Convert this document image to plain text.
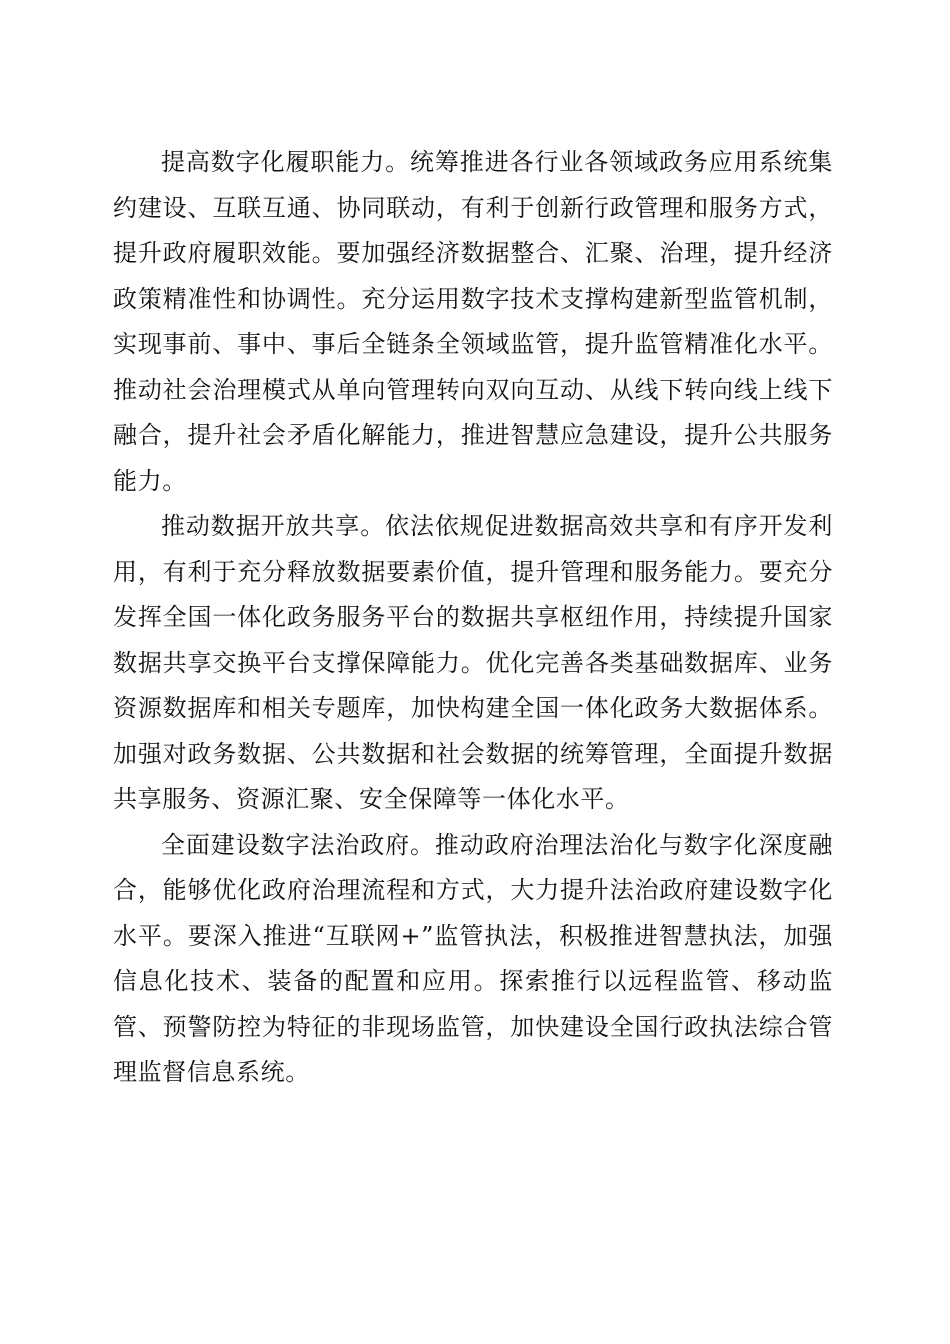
提高数字化履职能力。统筹推进各行业各领域政务应用系统集约建设、互联互通、协同联动，有利于创新行政管理和服务方式，提升政府履职效能。要加强经济数据整合、汇聚、治理，提升经济政策精准性和协调性。充分运用数字技术支撑构建新型监管机制，实现事前、事中、事后全链条全领域监管，提升监管精准化水平。推动社会治理模式从单向管理转向双向互动、从线下转向线上线下融合，提升社会矛盾化解能力，推进智慧应急建设，提升公共服务能力。

推动数据开放共享。依法依规促进数据高效共享和有序开发利用，有利于充分释放数据要素价值，提升管理和服务能力。要充分发挥全国一体化政务服务平台的数据共享枢纽作用，持续提升国家数据共享交换平台支撑保障能力。优化完善各类基础数据库、业务资源数据库和相关专题库，加快构建全国一体化政务大数据体系。加强对政务数据、公共数据和社会数据的统筹管理，全面提升数据共享服务、资源汇聚、安全保障等一体化水平。

全面建设数字法治政府。推动政府治理法治化与数字化深度融合，能够优化政府治理流程和方式，大力提升法治政府建设数字化水平。要深入推进“互联网+”监管执法，积极推进智慧执法，加强信息化技术、装备的配置和应用。探索推行以远程监管、移动监管、预警防控为特征的非现场监管，加快建设全国行政执法综合管理监督信息系统。
